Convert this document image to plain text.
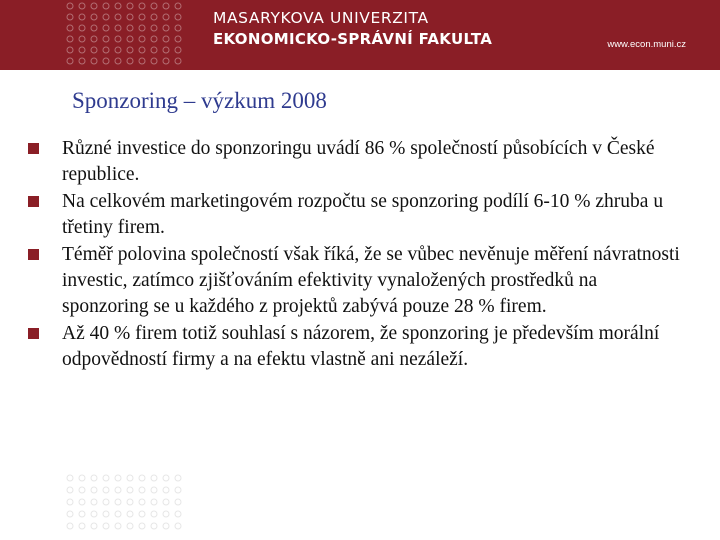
MASARYKOVA UNIVERZITA
EKONOMICKO-SPRÁVNÍ FAKULTA	www.econ.muni.cz
Sponzoring – výzkum 2008
Různé investice do sponzoringu uvádí 86 % společností působících v České republice.
Na celkovém marketingovém rozpočtu se sponzoring podílí 6-10 % zhruba u třetiny firem.
Téměř polovina společností však říká, že se vůbec nevěnuje měření návratnosti investic, zatímco zjišťováním efektivity vynaložených prostředků na sponzoring se u každého z projektů zabývá pouze 28 % firem.
Až 40 % firem totiž souhlasí s názorem, že sponzoring je především morální odpovědností firmy a na efektu vlastně ani nezáleží.
